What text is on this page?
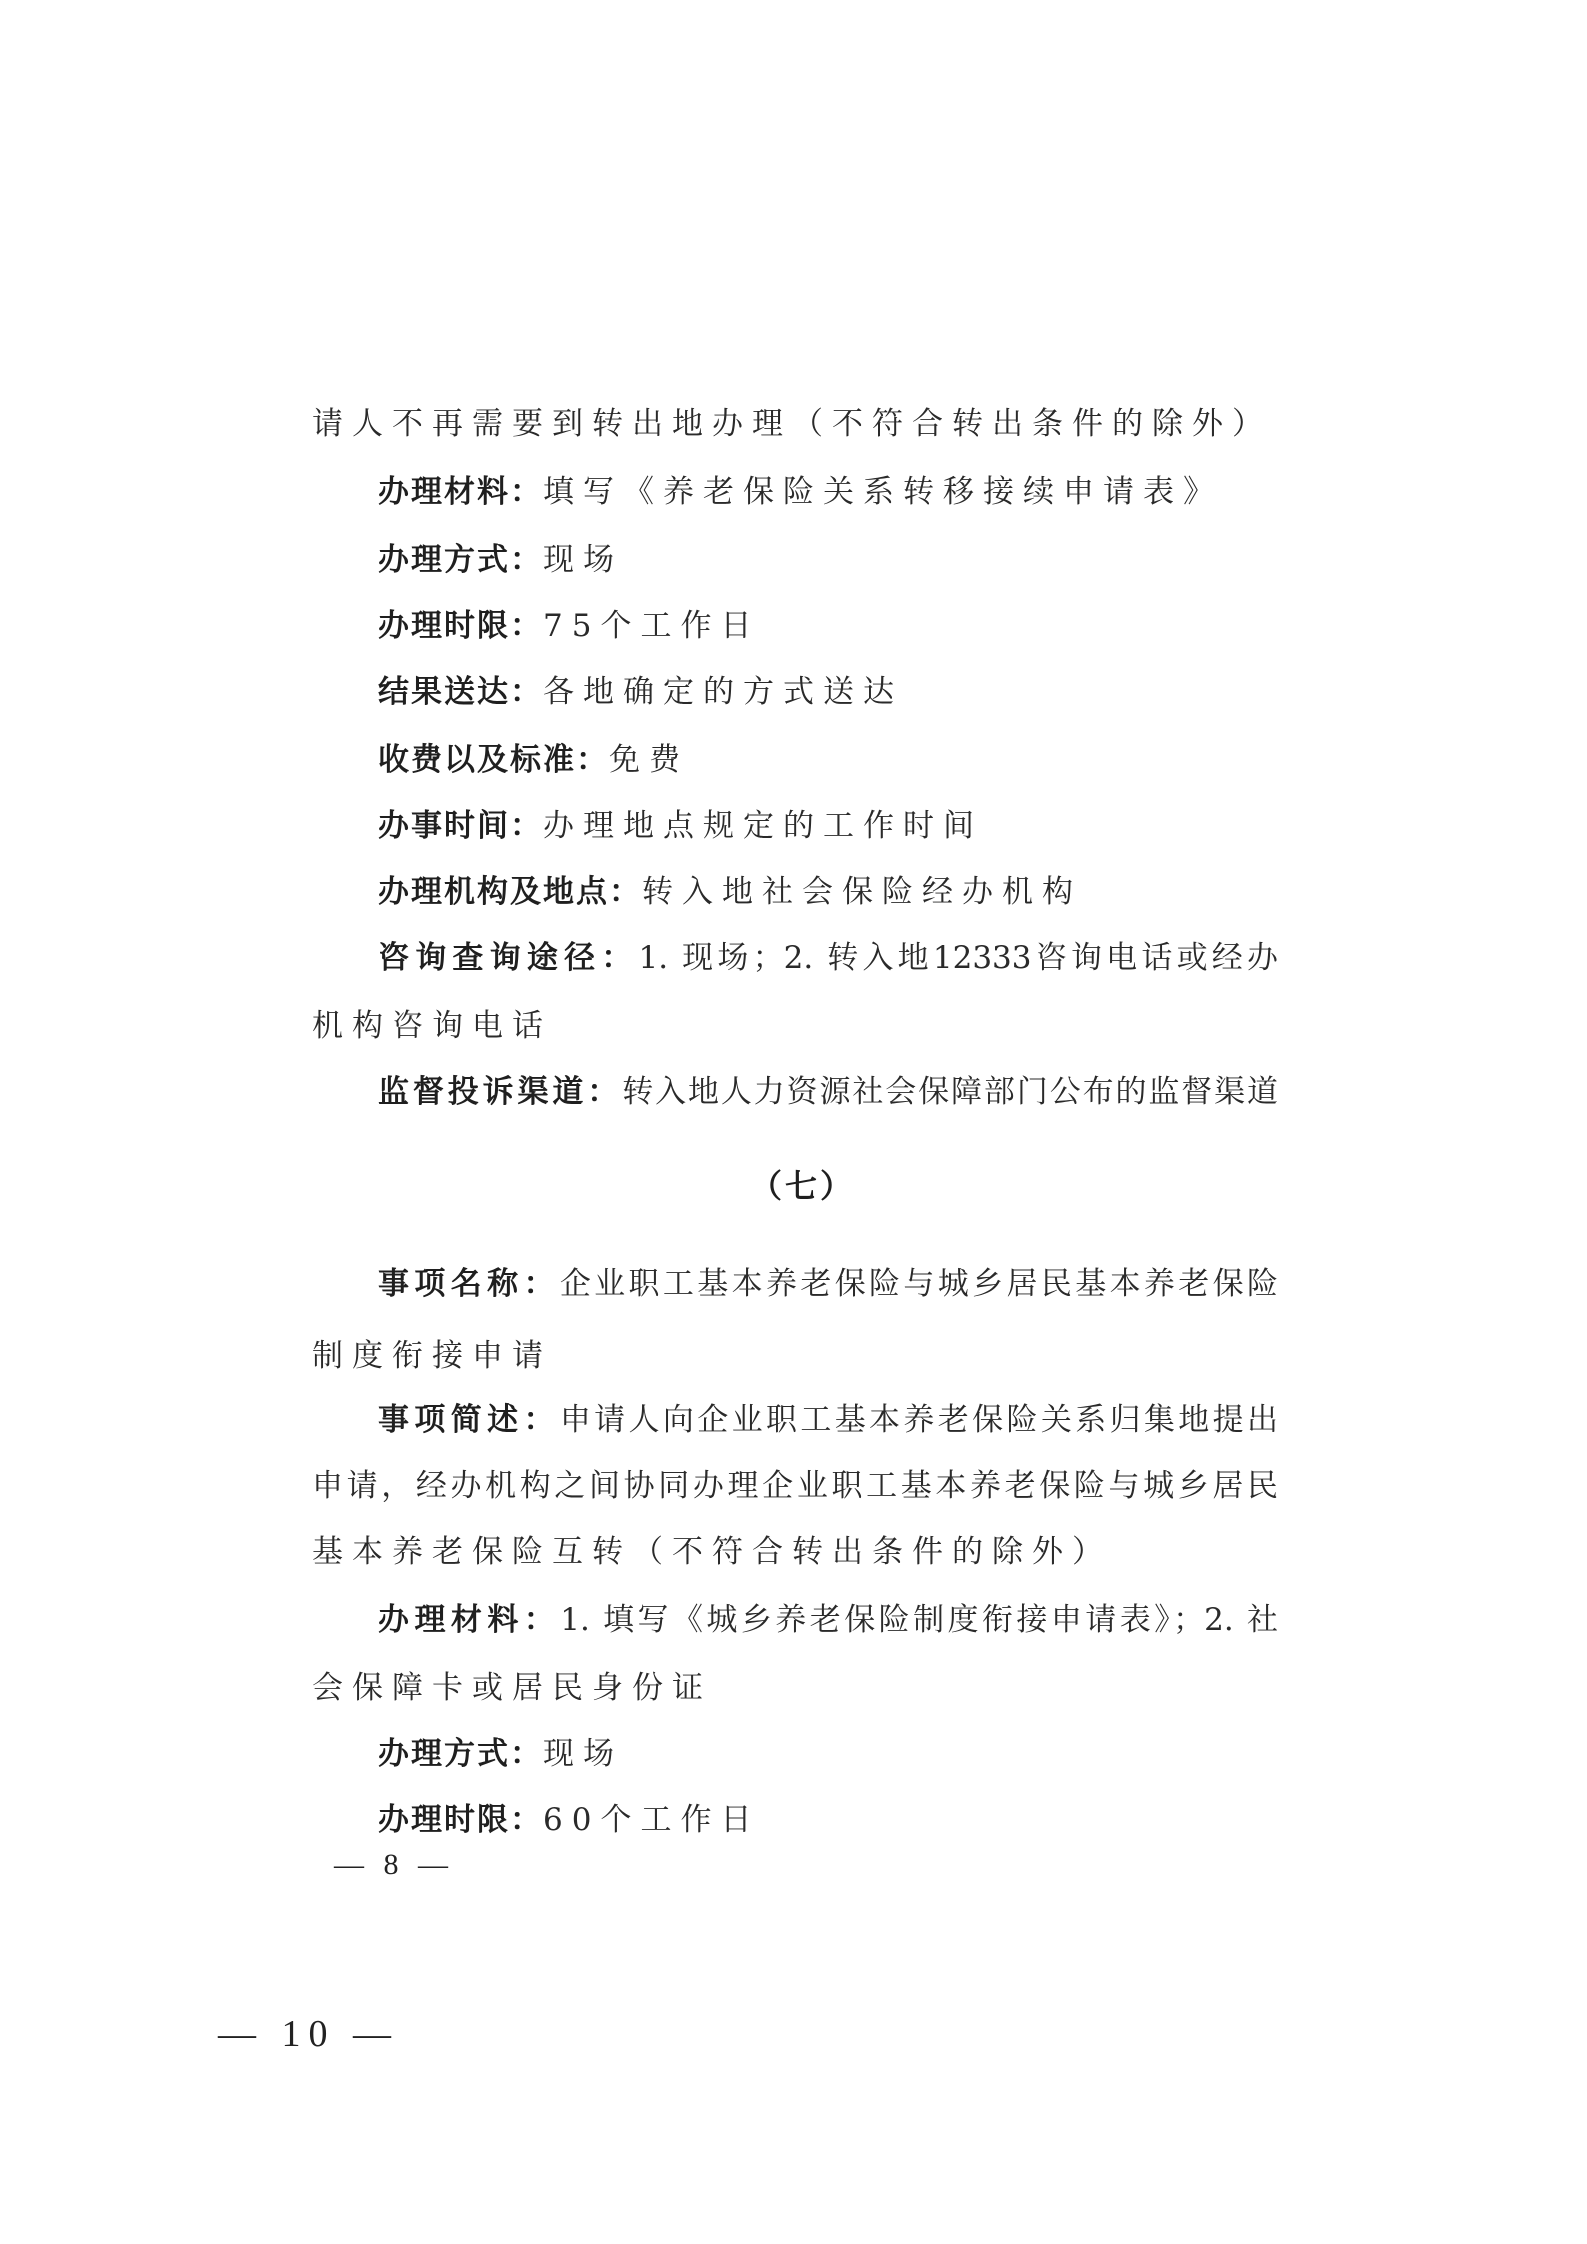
请人不再需要到转出地办理（不符合转出条件的除外）
办理材料：填写《养老保险关系转移接续申请表》
办理方式：现场
办理时限：75个工作日
结果送达：各地确定的方式送达
收费以及标准：免费
办事时间：办理地点规定的工作时间
办理机构及地点：转入地社会保险经办机构
咨询查询途径：1. 现场；2. 转入地12333咨询电话或经办
机构咨询电话
监督投诉渠道：转入地人力资源社会保障部门公布的监督渠道
（七）
事项名称：企业职工基本养老保险与城乡居民基本养老保险
制度衔接申请
事项简述：申请人向企业职工基本养老保险关系归集地提出
申请，经办机构之间协同办理企业职工基本养老保险与城乡居民
基本养老保险互转（不符合转出条件的除外）
办理材料：1. 填写《城乡养老保险制度衔接申请表》；2. 社
会保障卡或居民身份证
办理方式：现场
办理时限：60个工作日
— 8 —
— 10 —
